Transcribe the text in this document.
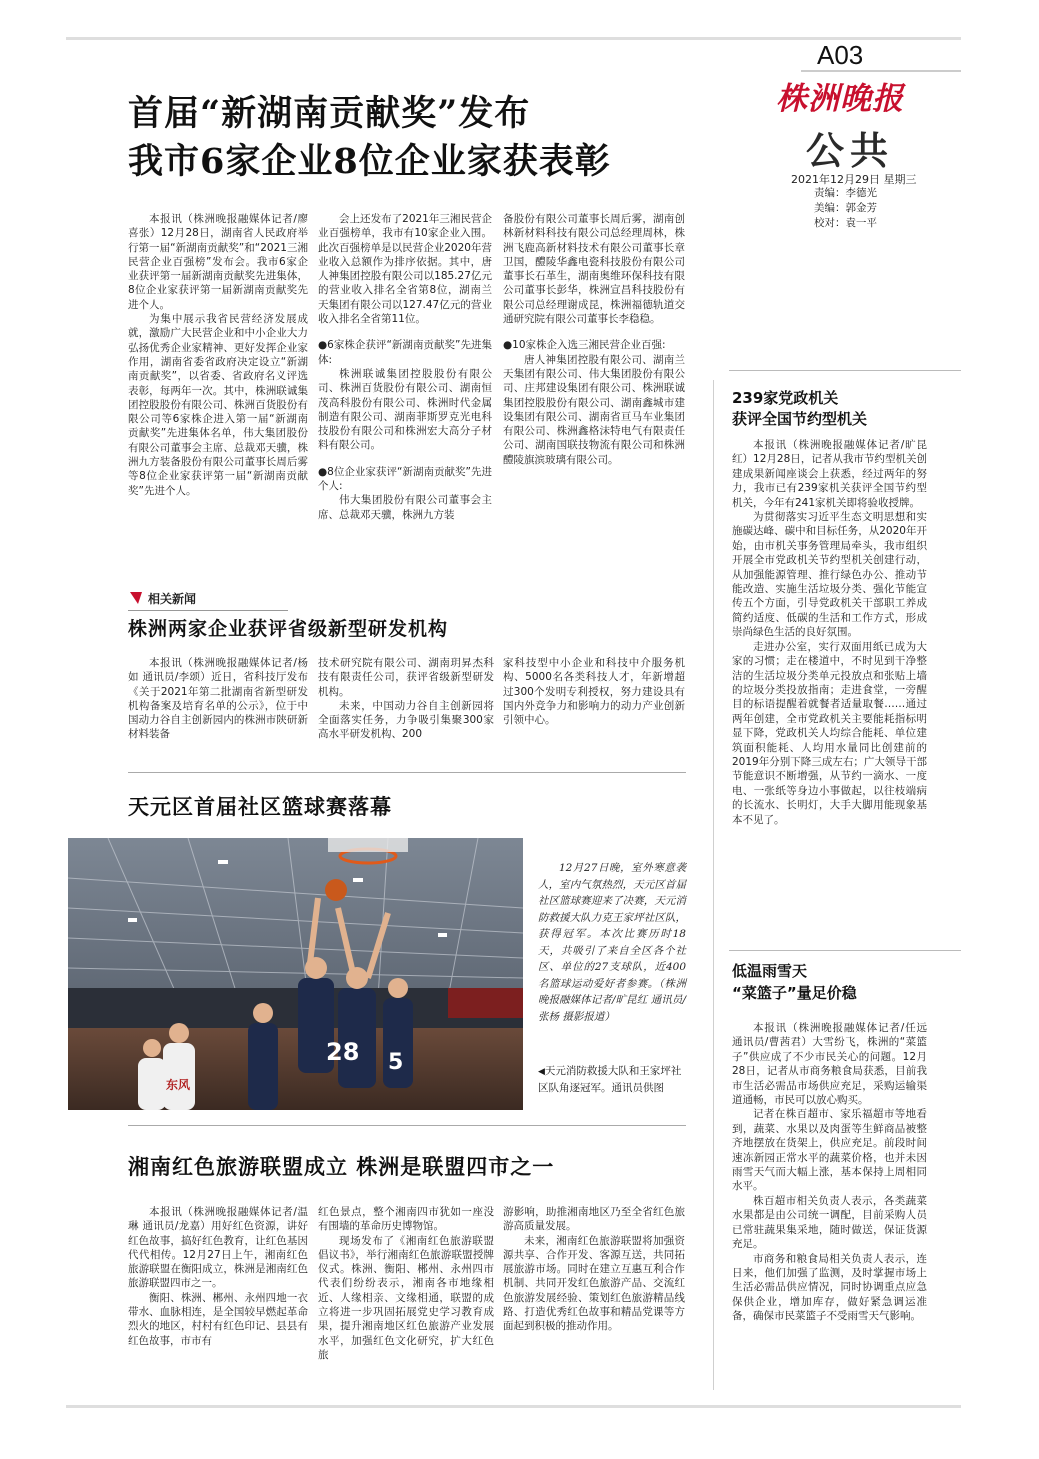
A03
株洲晚报
公共
2021年12月29日 星期三
责编：李德光
美编：郭金芳
校对：袁一平
首届“新湖南贡献奖”发布
我市6家企业8位企业家获表彰

本报讯（株洲晚报融媒体记者/廖喜张）12月28日，湖南省人民政府举行第一届“新湖南贡献奖”和“2021三湘民营企业百强榜”发布会。我市6家企业获评第一届新湖南贡献奖先进集体，8位企业家获评第一届新湖南贡献奖先进个人。

为集中展示我省民营经济发展成就，激励广大民营企业和中小企业大力弘扬优秀企业家精神、更好发挥企业家作用，湖南省委省政府决定设立“新湖南贡献奖”，以省委、省政府名义评选表彰，每两年一次。其中，株洲联诚集团控股股份有限公司、株洲百货股份有限公司等6家株企进入第一届“新湖南贡献奖”先进集体名单，伟大集团股份有限公司董事会主席、总裁邓天骥，株洲九方装备股份有限公司董事长周后雾等8位企业家获评第一届“新湖南贡献奖”先进个人。

会上还发布了2021年三湘民营企业百强榜单，我市有10家企业入围。此次百强榜单是以民营企业2020年营业收入总额作为排序依据。其中，唐人神集团控股有限公司以185.27亿元的营业收入排名全省第8位，湖南兰天集团有限公司以127.47亿元的营业收入排名全省第11位。

●6家株企获评“新湖南贡献奖”先进集体:

株洲联诚集团控股股份有限公司、株洲百货股份有限公司、湖南恒茂高科股份有限公司、株洲时代金属制造有限公司、湖南菲斯罗克光电科技股份有限公司和株洲宏大高分子材料有限公司。

●8位企业家获评“新湖南贡献奖”先进个人:

伟大集团股份有限公司董事会主席、总裁邓天骥，株洲九方装

备股份有限公司董事长周后雾，湖南创林新材料科技有限公司总经理周林，株洲飞鹿高新材料技术有限公司董事长章卫国，醴陵华鑫电瓷科技股份有限公司董事长石革生，湖南奥维环保科技有限公司董事长彭华，株洲宣昌科技股份有限公司总经理谢成昆，株洲福德轨道交通研究院有限公司董事长李稳稳。
●10家株企入选三湘民营企业百强:

唐人神集团控股有限公司、湖南兰天集团有限公司、伟大集团股份有限公司、庄邦建设集团有限公司、株洲联诚集团控股股份有限公司、湖南鑫城市建设集团有限公司、湖南省亘马车业集团有限公司、株洲鑫格沫特电气有限责任公司、湖南国联技物流有限公司和株洲醴陵旗滨玻璃有限公司。

相关新闻
株洲两家企业获评省级新型研发机构

本报讯（株洲晚报融媒体记者/杨如 通讯员/李颂）近日，省科技厅发布《关于2021年第二批湖南省新型研发机构备案及培育名单的公示》，位于中国动力谷自主创新园内的株洲市陕研新材料装备

技术研究院有限公司、湖南玥昇杰科技有限责任公司，获评省级新型研发机构。

未来，中国动力谷自主创新园将全面落实任务，力争吸引集聚300家高水平研发机构、200

家科技型中小企业和科技中介服务机构、5000名各类科技人才，年新增超过300个发明专利授权，努力建设具有国内外竞争力和影响力的动力产业创新引领中心。
天元区首届社区篮球赛落幕
28 5
东风

12月27日晚，室外寒意袭人，室内气氛热烈，天元区首届社区篮球赛迎来了决赛，天元消防救援大队力克王家坪社区队，获得冠军。本次比赛历时18天，共吸引了来自全区各个社区、单位的27支球队，近400名篮球运动爱好者参赛。（株洲晚报融媒体记者/旷昆红 通讯员/张杨 摄影报道）

◀天元消防救援大队和王家坪社区队角逐冠军。通讯员供图
湘南红色旅游联盟成立 株洲是联盟四市之一

本报讯（株洲晚报融媒体记者/温琳 通讯员/龙嘉）用好红色资源，讲好红色故事，搞好红色教育，让红色基因代代相传。12月27日上午，湘南红色旅游联盟在衡阳成立，株洲是湘南红色旅游联盟四市之一。

衡阳、株洲、郴州、永州四地一衣带水、血脉相连，是全国较早燃起革命烈火的地区，村村有红色印记、县县有红色故事，市市有

红色景点，整个湘南四市犹如一座没有围墙的革命历史博物馆。

现场发布了《湘南红色旅游联盟倡议书》，举行湘南红色旅游联盟授牌仪式。株洲、衡阳、郴州、永州四市代表们纷纷表示，湘南各市地缘相近、人缘相亲、文缘相通，联盟的成立将进一步巩固拓展党史学习教育成果，提升湘南地区红色旅游产业发展水平，加强红色文化研究，扩大红色旅

游影响，助推湘南地区乃至全省红色旅游高质量发展。

未来，湘南红色旅游联盟将加强资源共享、合作开发、客源互送，共同拓展旅游市场。同时在建立互惠互利合作机制、共同开发红色旅游产品、交流红色旅游发展经验、策划红色旅游精品线路、打造优秀红色故事和精品党课等方面起到积极的推动作用。

239家党政机关
获评全国节约型机关

本报讯（株洲晚报融媒体记者/旷昆红）12月28日，记者从我市节约型机关创建成果新闻座谈会上获悉，经过两年的努力，我市已有239家机关获评全国节约型机关，今年有241家机关即将验收授牌。

为贯彻落实习近平生态文明思想和实施碳达峰、碳中和目标任务，从2020年开始，由市机关事务管理局牵头，我市组织开展全市党政机关节约型机关创建行动，从加强能源管理、推行绿色办公、推动节能改造、实施生活垃圾分类、强化节能宣传五个方面，引导党政机关干部职工养成简约适度、低碳的生活和工作方式，形成崇尚绿色生活的良好氛围。

走进办公室，实行双面用纸已成为大家的习惯；走在楼道中，不时见到干净整洁的生活垃圾分类单元投放点和张贴上墙的垃圾分类投放指南；走进食堂，一旁醒目的标语提醒着就餐者适量取餐……通过两年创建，全市党政机关主要能耗指标明显下降，党政机关人均综合能耗、单位建筑面积能耗、人均用水量同比创建前的2019年分别下降三成左右；广大领导干部节能意识不断增强，从节约一滴水、一度电、一张纸等身边小事做起，以往枝端病的长流水、长明灯，大手大脚用能现象基本不见了。

低温雨雪天
“菜篮子”量足价稳

本报讯（株洲晚报融媒体记者/任远 通讯员/曹茜君）大雪纷飞，株洲的“菜篮子”供应成了不少市民关心的问题。12月28日，记者从市商务粮食局获悉，目前我市生活必需品市场供应充足，采购运输渠道通畅，市民可以放心购买。

记者在株百超市、家乐福超市等地看到，蔬菜、水果以及肉蛋等生鲜商品被整齐地摆放在货架上，供应充足。前段时间速冻新园正常水平的蔬菜价格，也并未因雨雪天气而大幅上涨，基本保持上周相同水平。

株百超市相关负责人表示，各类蔬菜水果都是由公司统一调配，目前采购人员已常驻蔬果集采地，随时做送，保证货源充足。

市商务和粮食局相关负责人表示，连日来，他们加强了监测，及时掌握市场上生活必需品供应情况，同时协调重点应急保供企业，增加库存，做好紧急调运准备，确保市民菜篮子不受雨雪天气影响。
